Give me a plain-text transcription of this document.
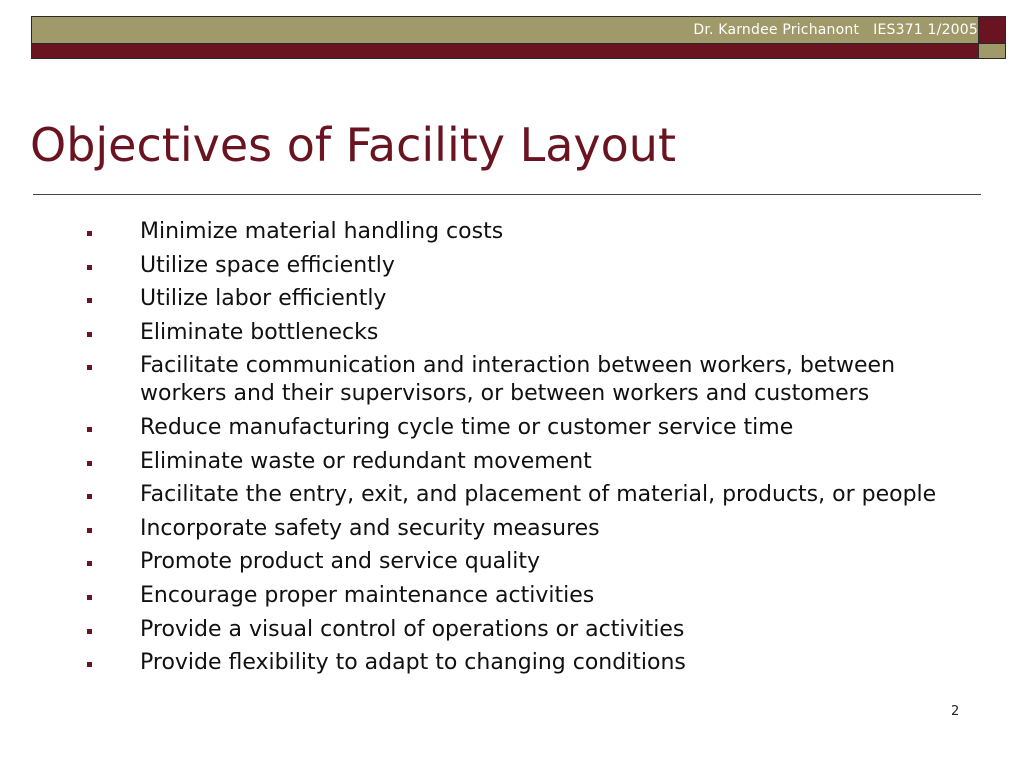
Dr. Karndee Prichanont   IES371 1/2005
Objectives of Facility Layout
Minimize material handling costs
Utilize space efficiently
Utilize labor efficiently
Eliminate bottlenecks
Facilitate communication and interaction between workers, between workers and their supervisors, or between workers and customers
Reduce manufacturing cycle time or customer service time
Eliminate waste or redundant movement
Facilitate the entry, exit, and placement of material, products, or people
Incorporate safety and security measures
Promote product and service quality
Encourage proper maintenance activities
Provide a visual control of operations or activities
Provide flexibility to adapt to changing conditions
2
